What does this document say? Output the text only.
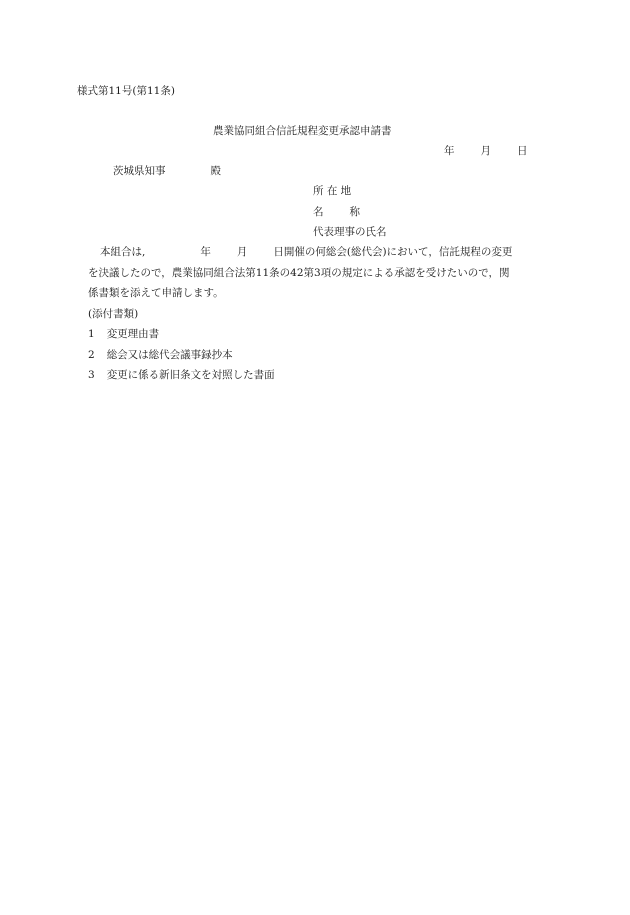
様式第11号(第11条)
農業協同組合信託規程変更承認申請書
年 月 日
茨城県知事	殿
所 在 地
名 称
代表理事の氏名
本組合は,	年 月 日開催の何総会(総代会)において，信託規程の変更
を決議したので，農業協同組合法第11条の42第3項の規定による承認を受けたいので，関
係書類を添えて申請します。
(添付書類)
1 変更理由書
2 総会又は総代会議事録抄本
3 変更に係る新旧条文を対照した書面
